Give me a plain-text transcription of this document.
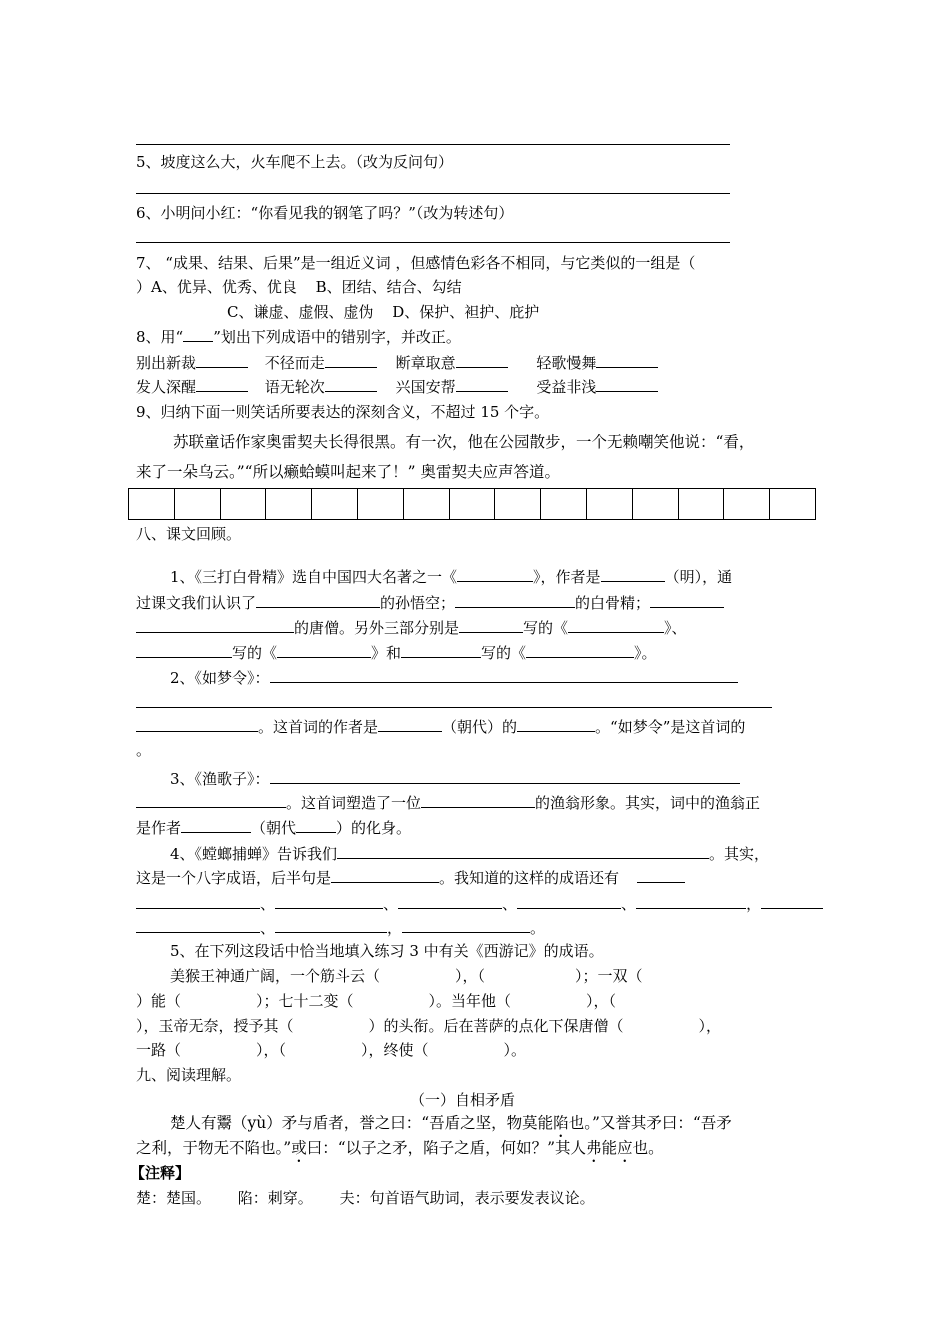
5、坡度这么大，火车爬不上去。（改为反问句）
6、小明问小红：“你看见我的钢笔了吗？”（改为转述句）
7、 “成果、结果、后果”是一组近义词 ，但感情色彩各不相同，与它类似的一组是（
）A、优异、优秀、优良 B、团结、结合、勾结
C、谦虚、虚假、虚伪 D、保护、袒护、庇护
8、用“ ”划出下列成语中的错别字，并改正。
别出新裁	不径而走	断章取意	轻歌慢舞
发人深醒	语无轮次	兴国安帮	受益非浅
9、归纳下面一则笑话所要表达的深刻含义，不超过 15 个字。
苏联童话作家奥雷契夫长得很黑。有一次，他在公园散步，一个无赖嘲笑他说：“看，
来了一朵乌云。”“所以癞蛤蟆叫起来了！” 奥雷契夫应声答道。
八、课文回顾。
1、《三打白骨精》选自中国四大名著之一《	》，作者是	（明），通
过课文我们认识了	的孙悟空；	的白骨精；
的唐僧。另外三部分别是	写的《	》、
写的《	》和	写的《	》。
2、《如梦令》：
。这首词的作者是	（朝代）的	。“如梦令”是这首词的
。
3、《渔歌子》：
。这首词塑造了一位	的渔翁形象。其实，词中的渔翁正
是作者	（朝代	）的化身。
4、《螳螂捕蝉》告诉我们	。其实，
这是一个八字成语，后半句是	。我知道的这样的成语还有
、	、	、	、	，
、	，	。
5、在下列这段话中恰当地填入练习 3 中有关《西游记》的成语。
美猴王神通广阔，一个筋斗云（　　　　　），（　　　　　　）；一双（
）能（　　　　　）；七十二变（　　　　　）。当年他（　　　　　），（
），玉帝无奈，授予其（　　　　　）的头衔。后在菩萨的点化下保唐僧（　　　　　），
一路（　　　　　），（　　　　　），终使（　　　　　）。
九、阅读理解。
（一）自相矛盾
楚人有鬻（yù）矛与盾者，誉之曰：“吾盾之坚，物莫能陷也。”又誉其矛曰：“吾矛
之利，于物无不陷也。”或曰：“以子之矛，陷子之盾，何如？”其人弗能应也。
【注释】
楚：楚国。 陷：刺穿。 夫：句首语气助词，表示要发表议论。
